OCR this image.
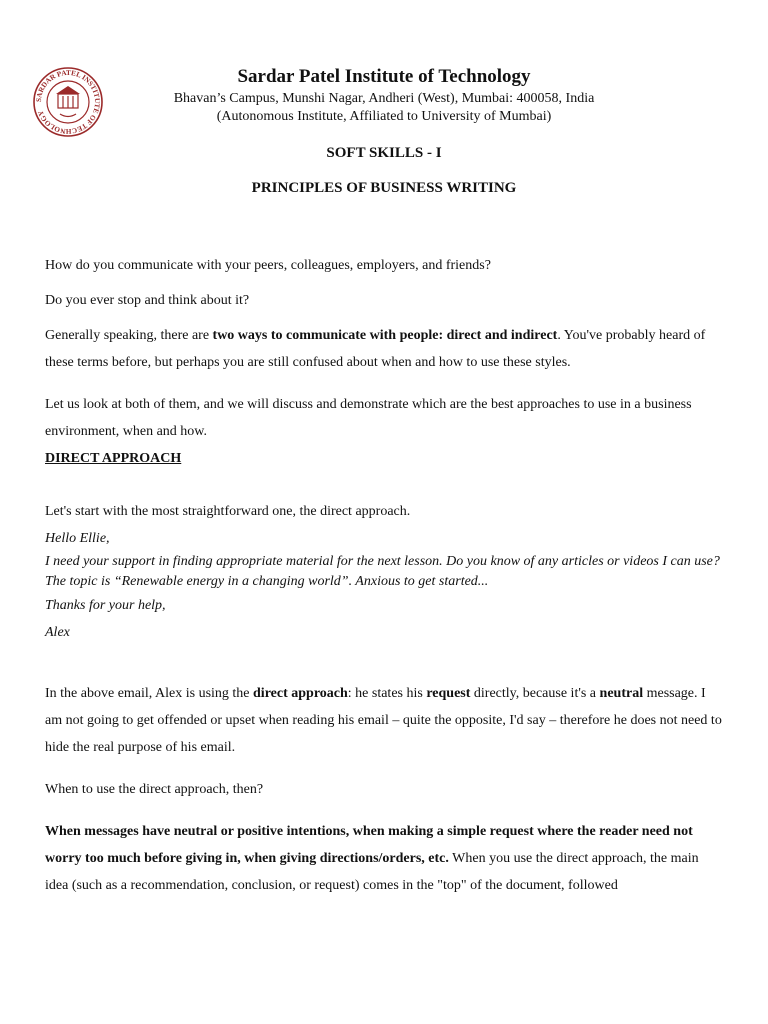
SARDAR PATEL INSTITUTE OF TECHNOLOGY
Sardar Patel Institute of Technology
Bhavan’s Campus, Munshi Nagar, Andheri (West), Mumbai: 400058, India
(Autonomous Institute, Affiliated to University of Mumbai)
SOFT SKILLS - I
PRINCIPLES OF BUSINESS WRITING

How do you communicate with your peers, colleagues, employers, and friends?

Do you ever stop and think about it?

Generally speaking, there are two ways to communicate with people: direct and indirect. You've probably heard of these terms before, but perhaps you are still confused about when and how to use these styles.

Let us look at both of them, and we will discuss and demonstrate which are the best approaches to use in a business environment, when and how.

DIRECT APPROACH

Let's start with the most straightforward one, the direct approach.

Hello Ellie,

I need your support in finding appropriate material for the next lesson. Do you know of any articles or videos I can use? The topic is “Renewable energy in a changing world”. Anxious to get started...

Thanks for your help,

Alex

In the above email, Alex is using the direct approach: he states his request directly, because it's a neutral message. I am not going to get offended or upset when reading his email – quite the opposite, I'd say – therefore he does not need to hide the real purpose of his email.

When to use the direct approach, then?

When messages have neutral or positive intentions, when making a simple request where the reader need not worry too much before giving in, when giving directions/orders, etc. When you use the direct approach, the main idea (such as a recommendation, conclusion, or request) comes in the "top" of the document, followed
